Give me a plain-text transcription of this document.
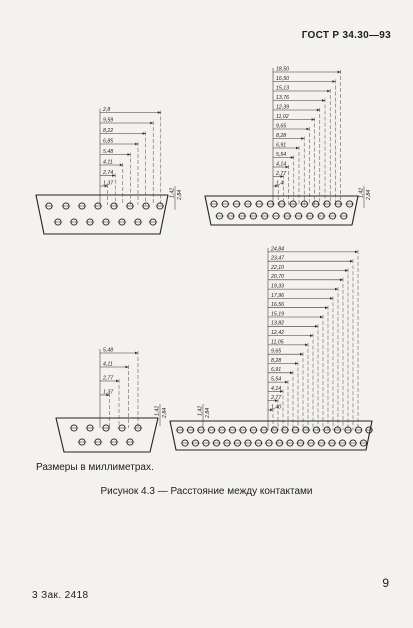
ГОСТ Р 34.30—93
1,37
2,74
4,11
5,48
6,85
8,22
9,59
2,8
1,42 2,84
1,4
2,77
4,14
5,54
6,91
8,28
9,65
11,02
12,39
13,76
15,13
16,50
18,50
1,42 2,84
1,37
2,77
4,11
5,48
1,42 2,84
1,40
2,77
4,14
5,54
6,91
8,28
9,65
11,05
12,42
13,82
15,19
16,56
17,96
19,33
20,70
22,10
23,47
24,84
1,42 2,84
Размеры в миллиметрах.
Рисунок 4.3 — Расстояние между контактами
9
3 Зак. 2418
